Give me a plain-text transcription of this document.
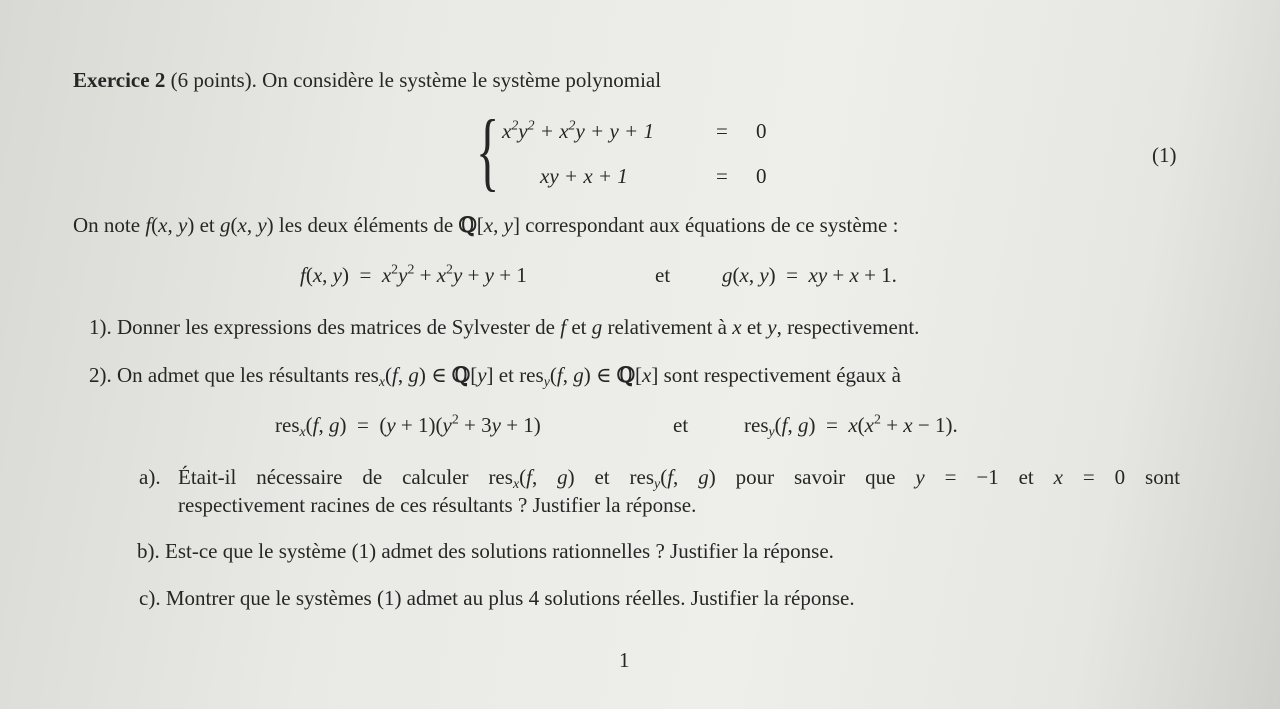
Exercice 2 (6 points). On considère le système le système polynomial
{ $x^2y^2 + x^2y + y + 1$	= 0
xy + x + 1	= 0
(1)
On note f(x, y) et g(x, y) les deux éléments de ℚ[x, y] correspondant aux équations de ce système :
f(x, $y) = x^2y^2 + x^2y + y + 1$	et g(x, y)  =  xy + x + 1.
1). Donner les expressions des matrices de Sylvester de f et g relativement à x et y, respectivement.
2). On admet que les résultants res$_x$(f, g) ∈ ℚ[y] et res$_y$(f, g) ∈ ℚ[x] sont respectivement égaux à
res$_x$(f, $g) = (y + 1)(y^2 + 3y + 1)$	et	res$_y$(f, $g) = x(x^2 + x - 1)$.
a). Était-il nécessaire de calculer res$_x$(f, g) et res$_y$(f, g) pour savoir que y = −1 et x = 0 sont
respectivement racines de ces résultants ? Justifier la réponse.
b). Est-ce que le système (1) admet des solutions rationnelles ? Justifier la réponse.
c). Montrer que le systèmes (1) admet au plus 4 solutions réelles. Justifier la réponse.
1
